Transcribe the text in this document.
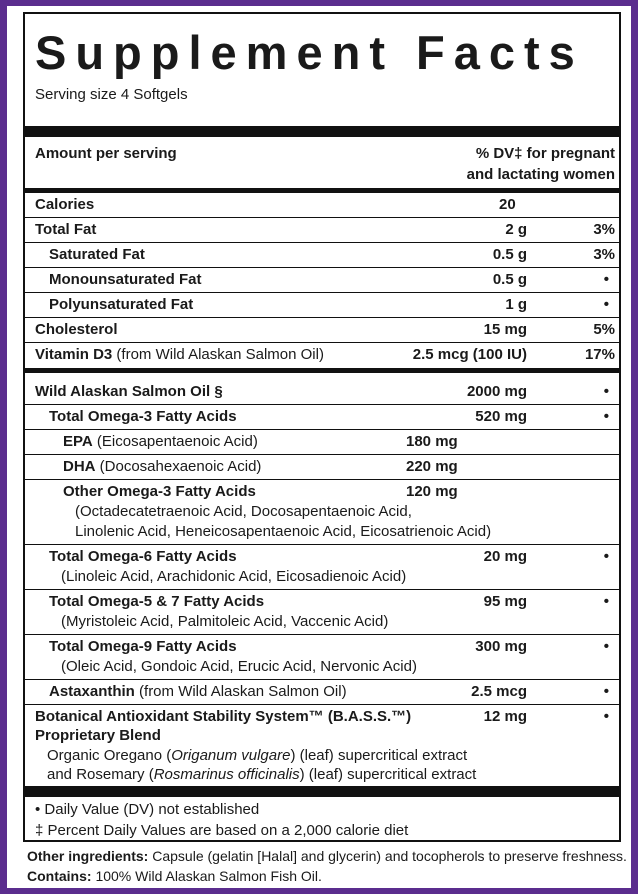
Supplement Facts
Serving size 4 Softgels
Amount per serving	% DV‡ for pregnant
and lactating women
Calories	20
Total Fat	2 g	3%
Saturated Fat	0.5 g	3%
Monounsaturated Fat	0.5 g	•
Polyunsaturated Fat	1 g	•
Cholesterol	15 mg	5%
Vitamin D3 (from Wild Alaskan Salmon Oil)	2.5 mcg (100 IU)	17%
Wild Alaskan Salmon Oil §	2000 mg	•
Total Omega-3 Fatty Acids	520 mg	•
EPA (Eicosapentaenoic Acid)	180 mg
DHA (Docosahexaenoic Acid)	220 mg
Other Omega-3 Fatty Acids	120 mg
(Octadecatetraenoic Acid, Docosapentaenoic Acid,
Linolenic Acid, Heneicosapentaenoic Acid, Eicosatrienoic Acid)
Total Omega-6 Fatty Acids	20 mg	•
(Linoleic Acid, Arachidonic Acid, Eicosadienoic Acid)
Total Omega-5 & 7 Fatty Acids	95 mg	•
(Myristoleic Acid, Palmitoleic Acid, Vaccenic Acid)
Total Omega-9 Fatty Acids	300 mg	•
(Oleic Acid, Gondoic Acid, Erucic Acid, Nervonic Acid)
Astaxanthin (from Wild Alaskan Salmon Oil)	2.5 mcg	•
Botanical Antioxidant Stability System™ (B.A.S.S.™)	12 mg	•
Proprietary Blend
Organic Oregano (Origanum vulgare) (leaf) supercritical extract
and Rosemary (Rosmarinus officinalis) (leaf) supercritical extract
• Daily Value (DV) not established
‡ Percent Daily Values are based on a 2,000 calorie diet
Other ingredients: Capsule (gelatin [Halal] and glycerin) and tocopherols to preserve freshness.
Contains: 100% Wild Alaskan Salmon Fish Oil.
